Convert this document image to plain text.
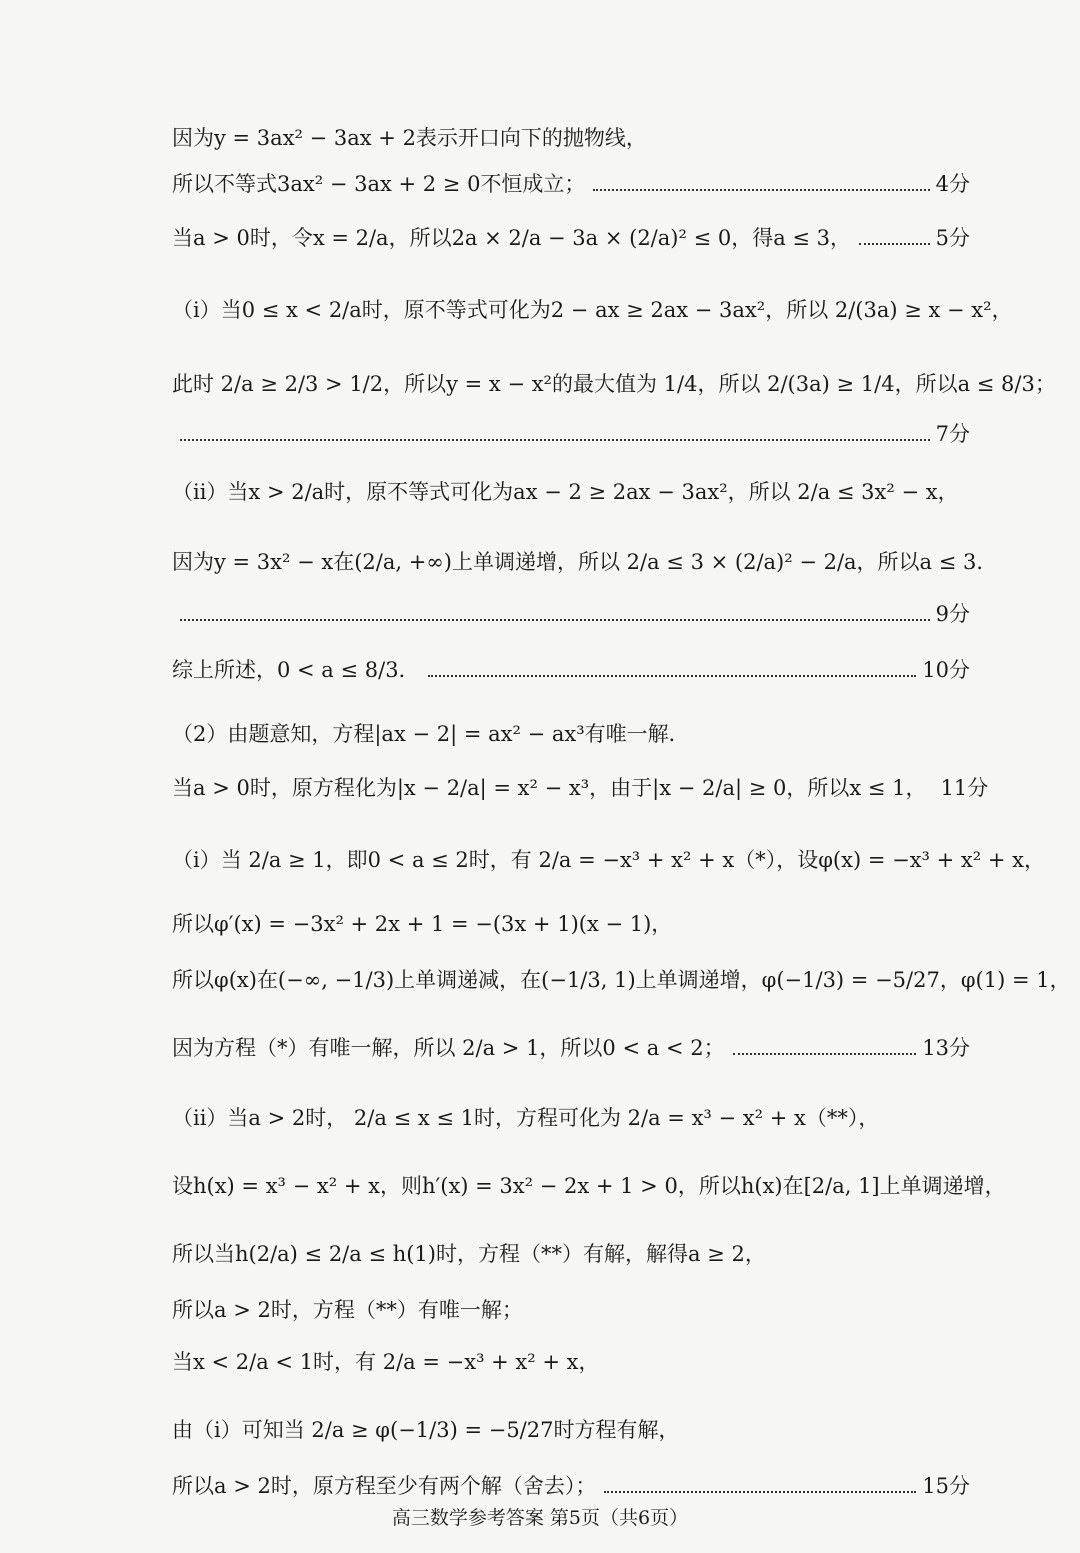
因为y = 3ax² − 3ax + 2表示开口向下的抛物线，
所以不等式3ax² − 3ax + 2 ≥ 0不恒成立；	4分
当a > 0时，令x = 2/a，所以2a × 2/a − 3a × (2/a)² ≤ 0，得a ≤ 3，	5分
（i）当0 ≤ x < 2/a时，原不等式可化为2 − ax ≥ 2ax − 3ax²，所以 2/(3a) ≥ x − x²，
此时 2/a ≥ 2/3 > 1/2，所以y = x − x²的最大值为 1/4，所以 2/(3a) ≥ 1/4，所以a ≤ 8/3；
7分
（ii）当x > 2/a时，原不等式可化为ax − 2 ≥ 2ax − 3ax²，所以 2/a ≤ 3x² − x，
因为y = 3x² − x在(2/a, +∞)上单调递增，所以 2/a ≤ 3 × (2/a)² − 2/a，所以a ≤ 3．
9分
综上所述，0 < a ≤ 8/3．	10分
（2）由题意知，方程|ax − 2| = ax² − ax³有唯一解．
当a > 0时，原方程化为|x − 2/a| = x² − x³，由于|x − 2/a| ≥ 0，所以x ≤ 1， 11分
（i）当 2/a ≥ 1，即0 < a ≤ 2时，有 2/a = −x³ + x² + x（*），设φ(x) = −x³ + x² + x，
所以φ′(x) = −3x² + 2x + 1 = −(3x + 1)(x − 1)，
所以φ(x)在(−∞, −1/3)上单调递减，在(−1/3, 1)上单调递增，φ(−1/3) = −5/27，φ(1) = 1，
因为方程（*）有唯一解，所以 2/a > 1，所以0 < a < 2；	13分
（ii）当a > 2时， 2/a ≤ x ≤ 1时，方程可化为 2/a = x³ − x² + x（**），
设h(x) = x³ − x² + x，则h′(x) = 3x² − 2x + 1 > 0，所以h(x)在[2/a, 1]上单调递增，
所以当h(2/a) ≤ 2/a ≤ h(1)时，方程（**）有解，解得a ≥ 2，
所以a > 2时，方程（**）有唯一解；
当x < 2/a < 1时，有 2/a = −x³ + x² + x，
由（i）可知当 2/a ≥ φ(−1/3) = −5/27时方程有解，
所以a > 2时，原方程至少有两个解（舍去）；	15分
高三数学参考答案 第5页（共6页）
